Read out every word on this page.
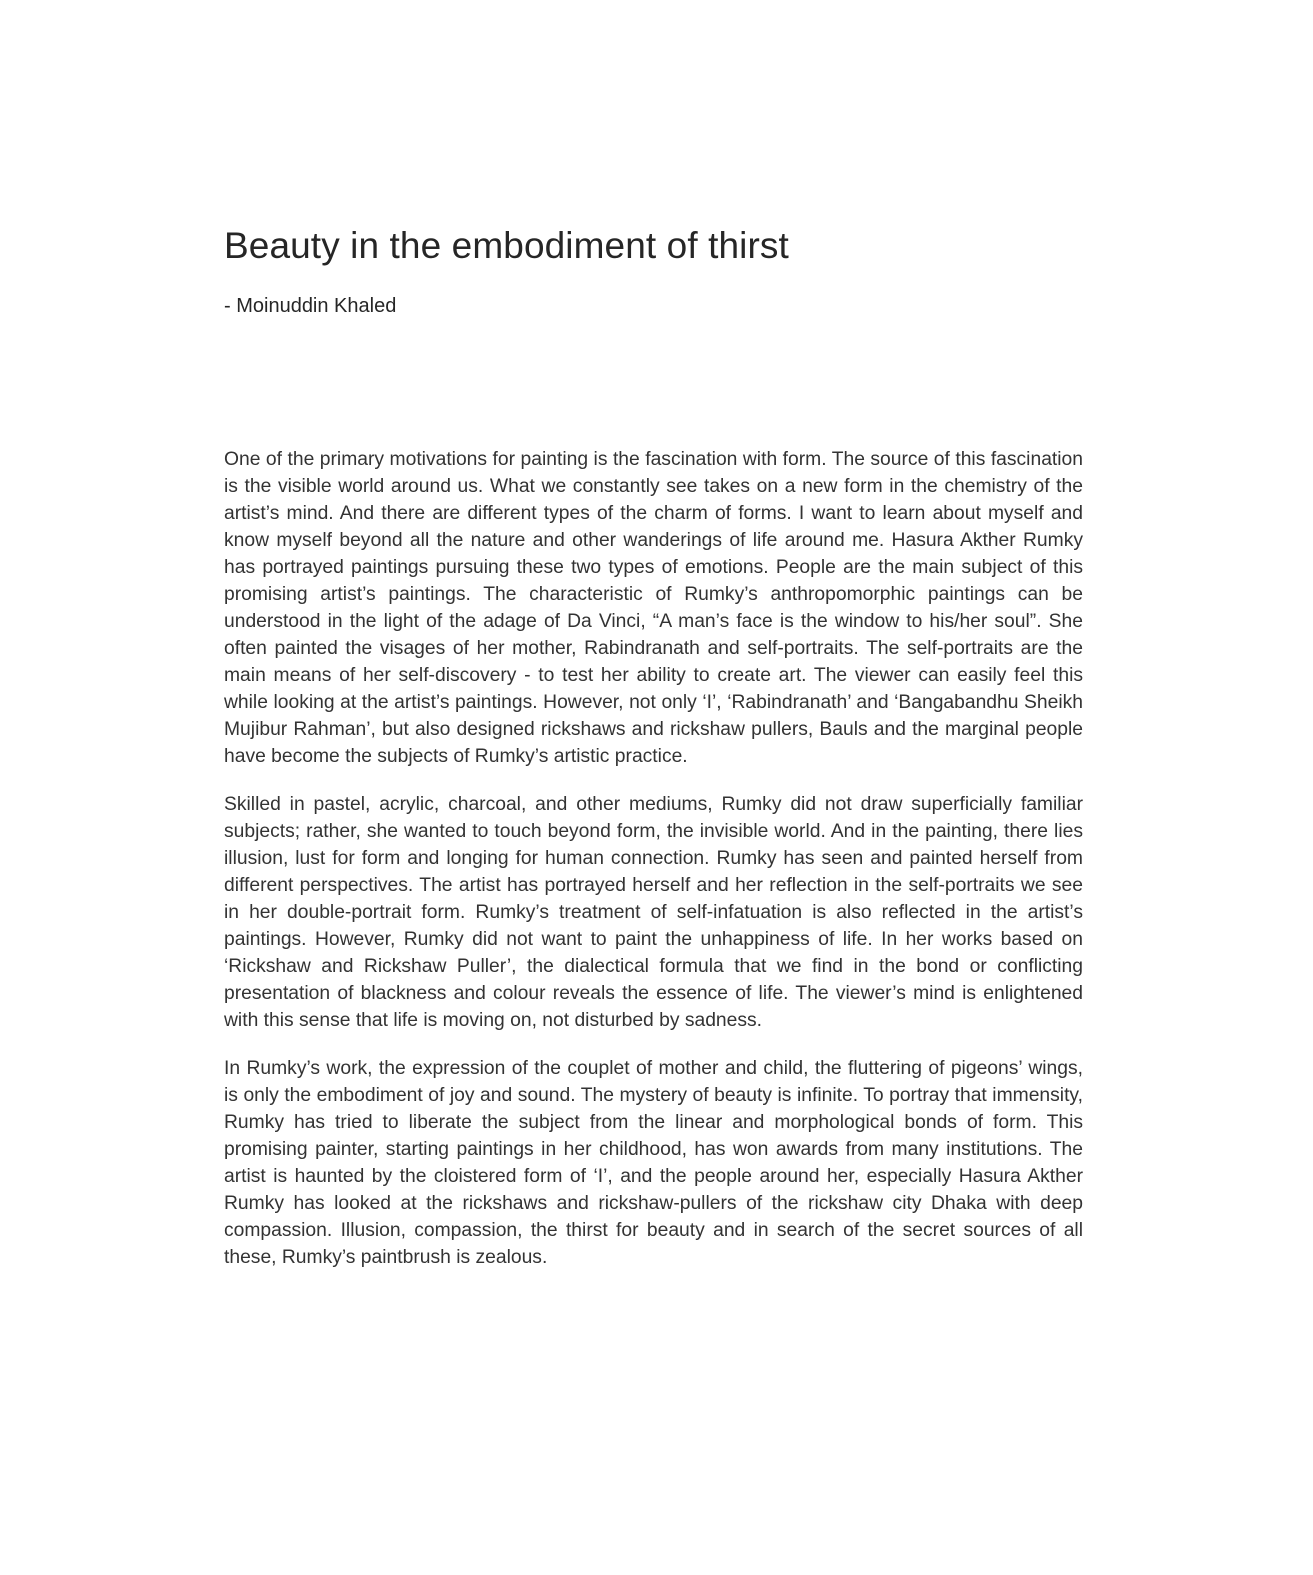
Beauty in the embodiment of thirst
- Moinuddin Khaled

One of the primary motivations for painting is the fascination with form. The source of this fascination is the visible world around us. What we constantly see takes on a new form in the chemistry of the artist’s mind. And there are different types of the charm of forms. I want to learn about myself and know myself beyond all the nature and other wanderings of life around me. Hasura Akther Rumky has portrayed paintings pursuing these two types of emotions. People are the main subject of this promising artist’s paintings. The characteristic of Rumky’s anthropomorphic paintings can be understood in the light of the adage of Da Vinci, “A man’s face is the window to his/her soul”. She often painted the visages of her mother, Rabindranath and self-portraits. The self-portraits are the main means of her self-discovery - to test her ability to create art. The viewer can easily feel this while looking at the artist’s paintings. However, not only ‘I’, ‘Rabindranath’ and ‘Bangabandhu Sheikh Mujibur Rahman’, but also designed rickshaws and rickshaw pullers, Bauls and the marginal people have become the subjects of Rumky’s artistic practice.

Skilled in pastel, acrylic, charcoal, and other mediums, Rumky did not draw superficially familiar subjects; rather, she wanted to touch beyond form, the invisible world. And in the painting, there lies illusion, lust for form and longing for human connection. Rumky has seen and painted herself from different perspectives. The artist has portrayed herself and her reflection in the self-portraits we see in her double-portrait form. Rumky’s treatment of self-infatuation is also reflected in the artist’s paintings. However, Rumky did not want to paint the unhappiness of life. In her works based on ‘Rickshaw and Rickshaw Puller’, the dialectical formula that we find in the bond or conflicting presentation of blackness and colour reveals the essence of life. The viewer’s mind is enlightened with this sense that life is moving on, not disturbed by sadness.

In Rumky’s work, the expression of the couplet of mother and child, the fluttering of pigeons’ wings, is only the embodiment of joy and sound. The mystery of beauty is infinite. To portray that immensity, Rumky has tried to liberate the subject from the linear and morphological bonds of form. This promising painter, starting paintings in her childhood, has won awards from many institutions. The artist is haunted by the cloistered form of ‘I’, and the people around her, especially Hasura Akther Rumky has looked at the rickshaws and rickshaw-pullers of the rickshaw city Dhaka with deep compassion. Illusion, compassion, the thirst for beauty and in search of the secret sources of all these, Rumky’s paintbrush is zealous.
